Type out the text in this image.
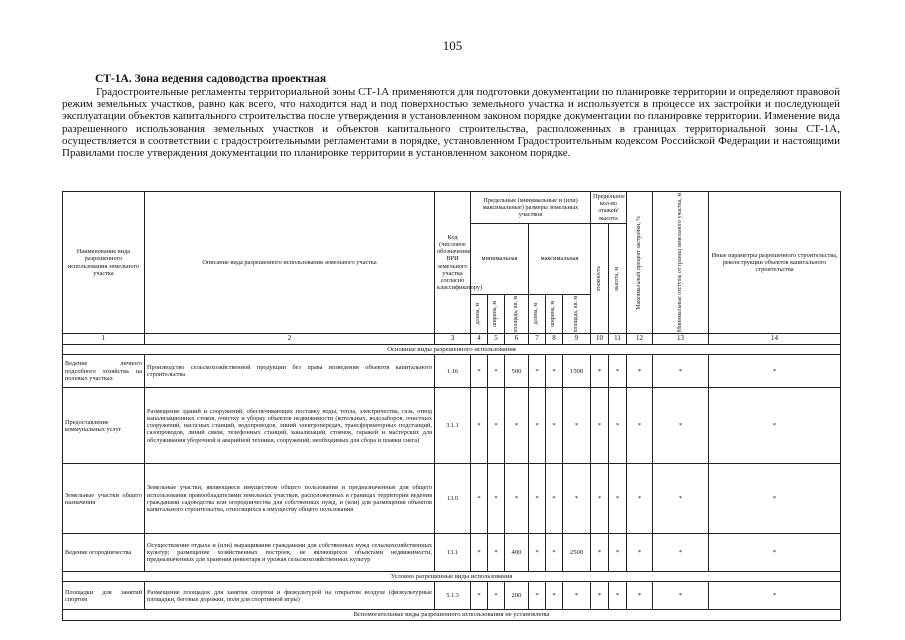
105
СТ-1А. Зона ведения садоводства проектная

Градостроительные регламенты территориальной зоны СТ-1А применяются для подготовки документации по планировке территории и определяют правовой режим земельных участков, равно как всего, что находится над и под поверхностью земельного участка и используется в процессе их застройки и последующей эксплуатации объектов капитального строительства после утверждения в установленном законом порядке документации по планировке территории. Изменение вида разрешенного использования земельных участков и объектов капитального строительства, расположенных в границах территориальной зоны СТ-1А, осуществляется в соответствии с градостроительными регламентами в порядке, установленном Градостроительным кодексом Российской Федерации и настоящими Правилами после утверждения документации по планировке территории в установленном законом порядке.

Наименование вида разрешенного использования земельного участка	Описание вида разрешенного использования земельного участка	Код (числовое обозначение ВРИ земельного участка согласно классификатору)	Предельные (минимальные и (или) максимальные) размеры земельных участков						Предельное кол-во этажей/ высота		Максимальный процент застройки, %	Минимальные отступы от границ земельного участка, м	Иные параметры разрешенного строительства, реконструкции объектов капитального строительства
			минимальная			максимальная			этажность	высота, м			

			длина, м	ширина, м	площадь, кв. м	длина, м	ширина, м	площадь, кв. м					

1	2	3	4	5	6	7	8	9	10	11	12	13	14
Основные виды разрешенного использования													
Ведение личного подсобного хозяйства на полевых участках	Производство сельскохозяйственной продукции без права возведения объектов капитального строительства	1.16	*	*	500	*	*	1500	*	*	*	*	*
Предоставление коммунальных услуг	Размещение зданий и сооружений, обеспечивающих поставку воды, тепла, электричества, газа, отвод канализационных стоков, очистку и уборку объектов недвижимости (котельных, водозаборов, очистных сооружений, насосных станций, водопроводов, линий электропередач, трансформаторных подстанций, газопроводов, линий связи, телефонных станций, канализаций, стоянок, гаражей и мастерских для обслуживания уборочной и аварийной техники, сооружений, необходимых для сбора и плавки снега)	3.1.1	*	*	*	*	*	*	*	*	*	*	*
Земельные участки общего назначения	Земельные участки, являющиеся имуществом общего пользования и предназначенные для общего использования правообладателями земельных участков, расположенных в границах территории ведения гражданами садоводства или огородничества для собственных нужд, и (или) для размещения объектов капитального строительства, относящихся к имуществу общего пользования	13.0	*	*	*	*	*	*	*	*	*	*	*
Ведение огородничества	Осуществление отдыха и (или) выращивания гражданами для собственных нужд сельскохозяйственных культур; размещение хозяйственных построек, не являющихся объектами недвижимости, предназначенных для хранения инвентаря и урожая сельскохозяйственных культур	13.1	*	*	400	*	*	2500	*	*	*	*	*
Условно разрешенные виды использования													
Площадки для занятий спортом	Размещение площадок для занятия спортом и физкультурой на открытом воздухе (физкультурные площадки, беговые дорожки, поля для спортивной игры)	5.1.3	*	*	200	*	*	*	*	*	*	*	*
Вспомогательные виды разрешенного использования не установлены													
